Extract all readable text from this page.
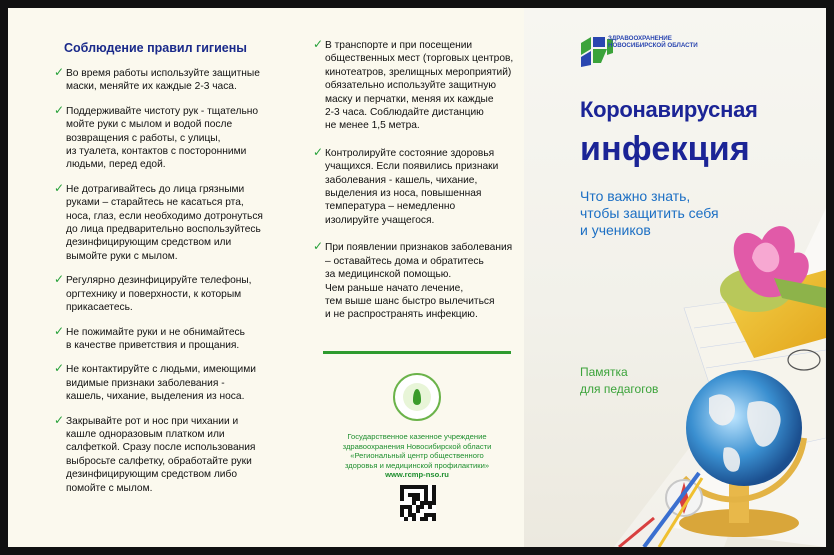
Соблюдение правил гигиены
✓ Во время работы используйте защитные
маски, меняйте их каждые 2-3 часа.
✓ Поддерживайте чистоту рук - тщательно
мойте руки с мылом и водой после
возвращения с работы, с улицы,
из туалета, контактов с посторонними
людьми, перед едой.
✓ Не дотрагивайтесь до лица грязными
руками – старайтесь не касаться рта,
носа, глаз, если необходимо дотронуться
до лица предварительно воспользуйтесь
дезинфицирующим средством или
вымойте руки с мылом.
✓ Регулярно дезинфицируйте телефоны,
оргтехнику и поверхности, к которым
прикасаетесь.
✓ Не пожимайте руки и не обнимайтесь
в качестве приветствия и прощания.
✓ Не контактируйте с людьми, имеющими
видимые признаки заболевания -
кашель, чихание, выделения из носа.
✓ Закрывайте рот и нос при чихании и
кашле одноразовым платком или
салфеткой. Сразу после использования
выбросьте салфетку, обработайте руки
дезинфицирующим средством либо
помойте с мылом.
✓ В транспорте и при посещении
общественных мест (торговых центров,
кинотеатров, зрелищных мероприятий)
обязательно используйте защитную
маску и перчатки, меняя их каждые
2-3 часа. Соблюдайте дистанцию
не менее 1,5 метра.
✓ Контролируйте состояние здоровья
учащихся. Если появились признаки
заболевания - кашель, чихание,
выделения из носа, повышенная
температура – немедленно
изолируйте учащегося.
✓ При появлении признаков заболевания
– оставайтесь дома и обратитесь
за медицинской помощью.
Чем раньше начато лечение,
тем выше шанс быстро вылечиться
и не распространять инфекцию.
Государственное казенное учреждение
здравоохранения Новосибирской области
«Региональный центр общественного
здоровья и медицинской профилактики»
www.rcmp-nso.ru
ЗДРАВООХРАНЕНИЕ
НОВОСИБИРСКОЙ ОБЛАСТИ
Коронавирусная
инфекция
Что важно знать,
чтобы защитить себя
и учеников
Памятка
для педагогов
